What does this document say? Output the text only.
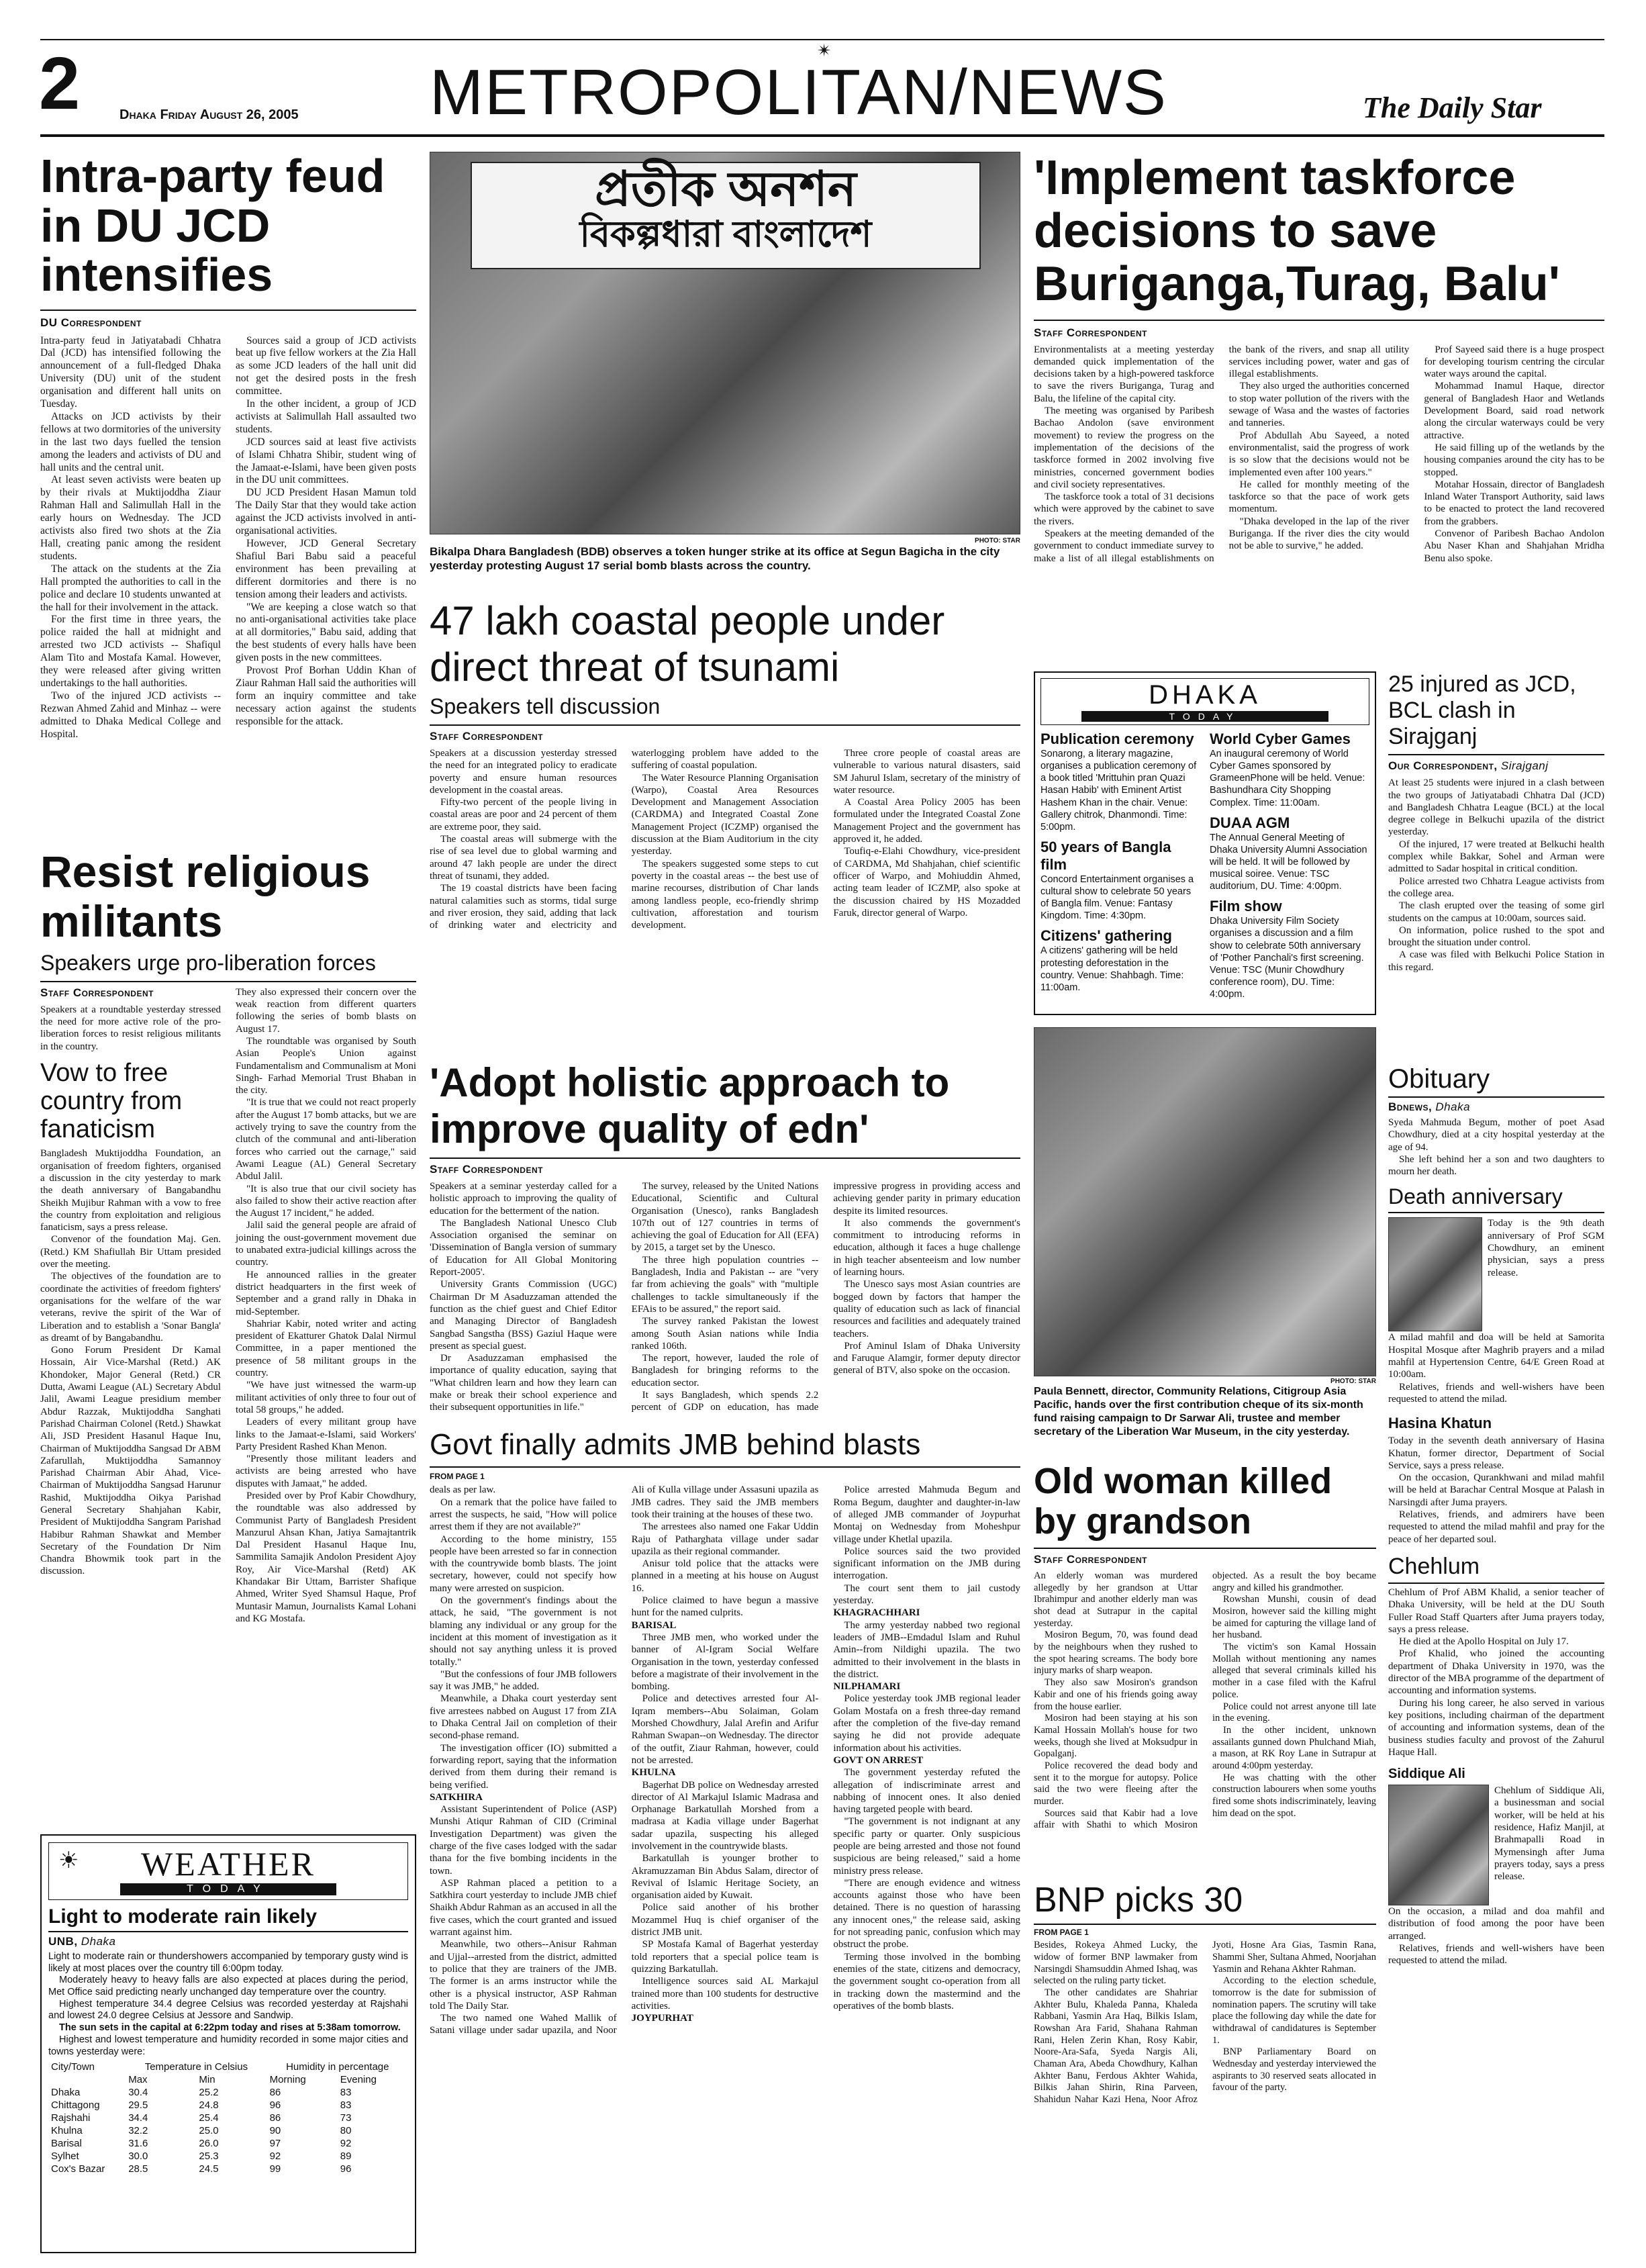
2	Dhaka Friday August 26, 2005 METROPOLITAN/NEWS
✴
The Daily Star
Intra-party feud in DU JCD intensifies
DU Correspondent

Intra-party feud in Jatiyatabadi Chhatra Dal (JCD) has intensified following the announcement of a full-fledged Dhaka University (DU) unit of the student organisation and different hall units on Tuesday.

Attacks on JCD activists by their fellows at two dormitories of the university in the last two days fuelled the tension among the leaders and activists of DU and hall units and the central unit.

At least seven activists were beaten up by their rivals at Muktijoddha Ziaur Rahman Hall and Salimullah Hall in the early hours on Wednesday. The JCD activists also fired two shots at the Zia Hall, creating panic among the resident students.

The attack on the students at the Zia Hall prompted the authorities to call in the police and declare 10 students unwanted at the hall for their involvement in the attack.

For the first time in three years, the police raided the hall at midnight and arrested two JCD activists -- Shafiqul Alam Tito and Mostafa Kamal. However, they were released after giving written undertakings to the hall authorities.

Two of the injured JCD activists -- Rezwan Ahmed Zahid and Minhaz -- were admitted to Dhaka Medical College and Hospital.

Sources said a group of JCD activists beat up five fellow workers at the Zia Hall as some JCD leaders of the hall unit did not get the desired posts in the fresh committee.

In the other incident, a group of JCD activists at Salimullah Hall assaulted two students.

JCD sources said at least five activists of Islami Chhatra Shibir, student wing of the Jamaat-e-Islami, have been given posts in the DU unit committees.

DU JCD President Hasan Mamun told The Daily Star that they would take action against the JCD activists involved in anti-organisational activities.

However, JCD General Secretary Shafiul Bari Babu said a peaceful environment has been prevailing at different dormitories and there is no tension among their leaders and activists.

"We are keeping a close watch so that no anti-organisational activities take place at all dormitories," Babu said, adding that the best students of every halls have been given posts in the new committees.

Provost Prof Borhan Uddin Khan of Ziaur Rahman Hall said the authorities will form an inquiry committee and take necessary action against the students responsible for the attack.

প্রতীক অনশন
বিকল্পধারা বাংলাদেশ
PHOTO: STAR
Bikalpa Dhara Bangladesh (BDB) observes a token hunger strike at its office at Segun Bagicha in the city yesterday protesting August 17 serial bomb blasts across the country.
'Implement taskforce decisions to save Buriganga,Turag, Balu'
Staff Correspondent

Environmentalists at a meeting yesterday demanded quick implementation of the decisions taken by a high-powered taskforce to save the rivers Buriganga, Turag and Balu, the lifeline of the capital city.

The meeting was organised by Paribesh Bachao Andolon (save environment movement) to review the progress on the implementation of the decisions of the taskforce formed in 2002 involving five ministries, concerned government bodies and civil society representatives.

The taskforce took a total of 31 decisions which were approved by the cabinet to save the rivers.

Speakers at the meeting demanded of the government to conduct immediate survey to make a list of all illegal establishments on the bank of the rivers, and snap all utility services including power, water and gas of illegal establishments.

They also urged the authorities concerned to stop water pollution of the rivers with the sewage of Wasa and the wastes of factories and tanneries.

Prof Abdullah Abu Sayeed, a noted environmentalist, said the progress of work is so slow that the decisions would not be implemented even after 100 years."

He called for monthly meeting of the taskforce so that the pace of work gets momentum.

"Dhaka developed in the lap of the river Buriganga. If the river dies the city would not be able to survive," he added.

Prof Sayeed said there is a huge prospect for developing tourism centring the circular water ways around the capital.

Mohammad Inamul Haque, director general of Bangladesh Haor and Wetlands Development Board, said road network along the circular waterways could be very attractive.

He said filling up of the wetlands by the housing companies around the city has to be stopped.

Motahar Hossain, director of Bangladesh Inland Water Transport Authority, said laws to be enacted to protect the land recovered from the grabbers.

Convenor of Paribesh Bachao Andolon Abu Naser Khan and Shahjahan Mridha Benu also spoke.

47 lakh coastal people under direct threat of tsunami
Speakers tell discussion
Staff Correspondent

Speakers at a discussion yesterday stressed the need for an integrated policy to eradicate poverty and ensure human resources development in the coastal areas.

Fifty-two percent of the people living in coastal areas are poor and 24 percent of them are extreme poor, they said.

The coastal areas will submerge with the rise of sea level due to global warming and around 47 lakh people are under the direct threat of tsunami, they added.

The 19 coastal districts have been facing natural calamities such as storms, tidal surge and river erosion, they said, adding that lack of drinking water and electricity and waterlogging problem have added to the suffering of coastal population.

The Water Resource Planning Organisation (Warpo), Coastal Area Resources Development and Management Association (CARDMA) and Integrated Coastal Zone Management Project (ICZMP) organised the discussion at the Biam Auditorium in the city yesterday.

The speakers suggested some steps to cut poverty in the coastal areas -- the best use of marine recourses, distribution of Char lands among landless people, eco-friendly shrimp cultivation, afforestation and tourism development.

Three crore people of coastal areas are vulnerable to various natural disasters, said SM Jahurul Islam, secretary of the ministry of water resource.

A Coastal Area Policy 2005 has been formulated under the Integrated Coastal Zone Management Project and the government has approved it, he added.

Toufiq-e-Elahi Chowdhury, vice-president of CARDMA, Md Shahjahan, chief scientific officer of Warpo, and Mohiuddin Ahmed, acting team leader of ICZMP, also spoke at the discussion chaired by HS Mozadded Faruk, director general of Warpo.

DHAKA
TODAY
Publication ceremony
Sonarong, a literary magazine, organises a publication ceremony of a book titled 'Mrittuhin pran Quazi Hasan Habib' with Eminent Artist Hashem Khan in the chair. Venue: Gallery chitrok, Dhanmondi. Time: 5:00pm.
50 years of Bangla film
Concord Entertainment organises a cultural show to celebrate 50 years of Bangla film. Venue: Fantasy Kingdom. Time: 4:30pm.
Citizens' gathering
A citizens' gathering will be held protesting deforestation in the country. Venue: Shahbagh. Time: 11:00am.
World Cyber Games
An inaugural ceremony of World Cyber Games sponsored by GrameenPhone will be held. Venue: Bashundhara City Shopping Complex. Time: 11:00am.
DUAA AGM
The Annual General Meeting of Dhaka University Alumni Association will be held. It will be followed by musical soiree. Venue: TSC auditorium, DU. Time: 4:00pm.
Film show
Dhaka University Film Society organises a discussion and a film show to celebrate 50th anniversary of 'Pother Panchali's first screening. Venue: TSC (Munir Chowdhury conference room), DU. Time: 4:00pm.
25 injured as JCD, BCL clash in Sirajganj
Our Correspondent, Sirajganj

At least 25 students were injured in a clash between the two groups of Jatiyatabadi Chhatra Dal (JCD) and Bangladesh Chhatra League (BCL) at the local degree college in Belkuchi upazila of the district yesterday.

Of the injured, 17 were treated at Belkuchi health complex while Bakkar, Sohel and Arman were admitted to Sadar hospital in critical condition.

Police arrested two Chhatra League activists from the college area.

The clash erupted over the teasing of some girl students on the campus at 10:00am, sources said.

On information, police rushed to the spot and brought the situation under control.

A case was filed with Belkuchi Police Station in this regard.

Resist religious militants
Speakers urge pro-liberation forces
Staff Correspondent

Speakers at a roundtable yesterday stressed the need for more active role of the pro-liberation forces to resist religious militants in the country.

Vow to free country from fanaticism

Bangladesh Muktijoddha Foundation, an organisation of freedom fighters, organised a discussion in the city yesterday to mark the death anniversary of Bangabandhu Sheikh Mujibur Rahman with a vow to free the country from exploitation and religious fanaticism, says a press release.

Convenor of the foundation Maj. Gen. (Retd.) KM Shafiullah Bir Uttam presided over the meeting.

The objectives of the foundation are to coordinate the activities of freedom fighters' organisations for the welfare of the war veterans, revive the spirit of the War of Liberation and to establish a 'Sonar Bangla' as dreamt of by Bangabandhu.

Gono Forum President Dr Kamal Hossain, Air Vice-Marshal (Retd.) AK Khondoker, Major General (Retd.) CR Dutta, Awami League (AL) Secretary Abdul Jalil, Awami League presidium member Abdur Razzak, Muktijoddha Sanghati Parishad Chairman Colonel (Retd.) Shawkat Ali, JSD President Hasanul Haque Inu, Chairman of Muktijoddha Sangsad Dr ABM Zafarullah, Muktijoddha Samannoy Parishad Chairman Abir Ahad, Vice-Chairman of Muktijoddha Sangsad Harunur Rashid, Muktijoddha Oikya Parishad General Secretary Shahjahan Kabir, President of Muktijoddha Sangram Parishad Habibur Rahman Shawkat and Member Secretary of the Foundation Dr Nim Chandra Bhowmik took part in the discussion.

They also expressed their concern over the weak reaction from different quarters following the series of bomb blasts on August 17.

The roundtable was organised by South Asian People's Union against Fundamentalism and Communalism at Moni Singh- Farhad Memorial Trust Bhaban in the city.

"It is true that we could not react properly after the August 17 bomb attacks, but we are actively trying to save the country from the clutch of the communal and anti-liberation forces who carried out the carnage," said Awami League (AL) General Secretary Abdul Jalil.

"It is also true that our civil society has also failed to show their active reaction after the August 17 incident," he added.

Jalil said the general people are afraid of joining the oust-government movement due to unabated extra-judicial killings across the country.

He announced rallies in the greater district headquarters in the first week of September and a grand rally in Dhaka in mid-September.

Shahriar Kabir, noted writer and acting president of Ekatturer Ghatok Dalal Nirmul Committee, in a paper mentioned the presence of 58 militant groups in the country.

"We have just witnessed the warm-up militant activities of only three to four out of total 58 groups," he added.

Leaders of every militant group have links to the Jamaat-e-Islami, said Workers' Party President Rashed Khan Menon.

"Presently those militant leaders and activists are being arrested who have disputes with Jamaat," he added.

Presided over by Prof Kabir Chowdhury, the roundtable was also addressed by Communist Party of Bangladesh President Manzurul Ahsan Khan, Jatiya Samajtantrik Dal President Hasanul Haque Inu, Sammilita Samajik Andolon President Ajoy Roy, Air Vice-Marshal (Retd) AK Khandakar Bir Uttam, Barrister Shafique Ahmed, Writer Syed Shamsul Haque, Prof Muntasir Mamun, Journalists Kamal Lohani and KG Mostafa.

'Adopt holistic approach to improve quality of edn'
Staff Correspondent

Speakers at a seminar yesterday called for a holistic approach to improving the quality of education for the betterment of the nation.

The Bangladesh National Unesco Club Association organised the seminar on 'Dissemination of Bangla version of summary of Education for All Global Monitoring Report-2005'.

University Grants Commission (UGC) Chairman Dr M Asaduzzaman attended the function as the chief guest and Chief Editor and Managing Director of Bangladesh Sangbad Sangstha (BSS) Gaziul Haque were present as special guest.

Dr Asaduzzaman emphasised the importance of quality education, saying that "What children learn and how they learn can make or break their school experience and their subsequent opportunities in life."

The survey, released by the United Nations Educational, Scientific and Cultural Organisation (Unesco), ranks Bangladesh 107th out of 127 countries in terms of achieving the goal of Education for All (EFA) by 2015, a target set by the Unesco.

The three high population countries -- Bangladesh, India and Pakistan -- are "very far from achieving the goals" with "multiple challenges to tackle simultaneously if the EFAis to be assured," the report said.

The survey ranked Pakistan the lowest among South Asian nations while India ranked 106th.

The report, however, lauded the role of Bangladesh for bringing reforms to the education sector.

It says Bangladesh, which spends 2.2 percent of GDP on education, has made impressive progress in providing access and achieving gender parity in primary education despite its limited resources.

It also commends the government's commitment to introducing reforms in education, although it faces a huge challenge in high teacher absenteeism and low number of learning hours.

The Unesco says most Asian countries are bogged down by factors that hamper the quality of education such as lack of financial resources and facilities and adequately trained teachers.

Prof Aminul Islam of Dhaka University and Faruque Alamgir, former deputy director general of BTV, also spoke on the occasion.

PHOTO: STAR
Paula Bennett, director, Community Relations, Citigroup Asia Pacific, hands over the first contribution cheque of its six-month fund raising campaign to Dr Sarwar Ali, trustee and member secretary of the Liberation War Museum, in the city yesterday.
Obituary
Bdnews, Dhaka

Syeda Mahmuda Begum, mother of poet Asad Chowdhury, died at a city hospital yesterday at the age of 94.

She left behind her a son and two daughters to mourn her death.

Death anniversary
Today is the 9th death anniversary of Prof SGM Chowdhury, an eminent physician, says a press release.

A milad mahfil and doa will be held at Samorita Hospital Mosque after Maghrib prayers and a milad mahfil at Hypertension Centre, 64/E Green Road at 10:00am.

Relatives, friends and well-wishers have been requested to attend the milad.

Hasina Khatun

Today in the seventh death anniversary of Hasina Khatun, former director, Department of Social Service, says a press release.

On the occasion, Qurankhwani and milad mahfil will be held at Barachar Central Mosque at Palash in Narsingdi after Juma prayers.

Relatives, friends, and admirers have been requested to attend the milad mahfil and pray for the peace of her departed soul.

Chehlum

Chehlum of Prof ABM Khalid, a senior teacher of Dhaka University, will be held at the DU South Fuller Road Staff Quarters after Juma prayers today, says a press release.

He died at the Apollo Hospital on July 17.

Prof Khalid, who joined the accounting department of Dhaka University in 1970, was the director of the MBA programme of the department of accounting and information systems.

During his long career, he also served in various key positions, including chairman of the department of accounting and information systems, dean of the business studies faculty and provost of the Zahurul Haque Hall.

Siddique Ali
Chehlum of Siddique Ali, a businessman and social worker, will be held at his residence, Hafiz Manjil, at Brahmapalli Road in Mymensingh after Juma prayers today, says a press release.

On the occasion, a milad and doa mahfil and distribution of food among the poor have been arranged.

Relatives, friends and well-wishers have been requested to attend the milad.

☀	WEATHER
TODAY
Light to moderate rain likely
UNB, Dhaka

Light to moderate rain or thundershowers accompanied by temporary gusty wind is likely at most places over the country till 6:00pm today.

Moderately heavy to heavy falls are also expected at places during the period, Met Office said predicting nearly unchanged day temperature over the country.

Highest temperature 34.4 degree Celsius was recorded yesterday at Rajshahi and lowest 24.0 degree Celsius at Jessore and Sandwip.

The sun sets in the capital at 6:22pm today and rises at 5:38am tomorrow.

Highest and lowest temperature and humidity recorded in some major cities and towns yesterday were:

City/Town	Temperature in Celsius		Humidity in percentage	
	Max	Min	Morning	Evening
Dhaka	30.4	25.2	86	83
Chittagong	29.5	24.8	96	83
Rajshahi	34.4	25.4	86	73
Khulna	32.2	25.0	90	80
Barisal	31.6	26.0	97	92
Sylhet	30.0	25.3	92	89
Cox's Bazar	28.5	24.5	99	96
Govt finally admits JMB behind blasts
FROM PAGE 1

deals as per law.

On a remark that the police have failed to arrest the suspects, he said, "How will police arrest them if they are not available?"

According to the home ministry, 155 people have been arrested so far in connection with the countrywide bomb blasts. The joint secretary, however, could not specify how many were arrested on suspicion.

On the government's findings about the attack, he said, "The government is not blaming any individual or any group for the incident at this moment of investigation as it should not say anything unless it is proved totally."

"But the confessions of four JMB followers say it was JMB," he added.

Meanwhile, a Dhaka court yesterday sent five arrestees nabbed on August 17 from ZIA to Dhaka Central Jail on completion of their second-phase remand.

The investigation officer (IO) submitted a forwarding report, saying that the information derived from them during their remand is being verified.

SATKHIRA

Assistant Superintendent of Police (ASP) Munshi Atiqur Rahman of CID (Criminal Investigation Department) was given the charge of the five cases lodged with the sadar thana for the five bombing incidents in the town.

ASP Rahman placed a petition to a Satkhira court yesterday to include JMB chief Shaikh Abdur Rahman as an accused in all the five cases, which the court granted and issued warrant against him.

Meanwhile, two others--Anisur Rahman and Ujjal--arrested from the district, admitted to police that they are trainers of the JMB. The former is an arms instructor while the other is a physical instructor, ASP Rahman told The Daily Star.

The two named one Wahed Mallik of Satani village under sadar upazila, and Noor Ali of Kulla village under Assasuni upazila as JMB cadres. They said the JMB members took their training at the houses of these two.

The arrestees also named one Fakar Uddin Raju of Patharghata village under sadar upazila as their regional commander.

Anisur told police that the attacks were planned in a meeting at his house on August 16.

Police claimed to have begun a massive hunt for the named culprits.

BARISAL

Three JMB men, who worked under the banner of Al-Igram Social Welfare Organisation in the town, yesterday confessed before a magistrate of their involvement in the bombing.

Police and detectives arrested four Al-Iqram members--Abu Solaiman, Golam Morshed Chowdhury, Jalal Arefin and Arifur Rahman Swapan--on Wednesday. The director of the outfit, Ziaur Rahman, however, could not be arrested.

KHULNA

Bagerhat DB police on Wednesday arrested director of Al Markajul Islamic Madrasa and Orphanage Barkatullah Morshed from a madrasa at Kadia village under Bagerhat sadar upazila, suspecting his alleged involvement in the countrywide blasts.

Barkatullah is younger brother to Akramuzzaman Bin Abdus Salam, director of Revival of Islamic Heritage Society, an organisation aided by Kuwait.

Police said another of his brother Mozammel Huq is chief organiser of the district JMB unit.

SP Mostafa Kamal of Bagerhat yesterday told reporters that a special police team is quizzing Barkatullah.

Intelligence sources said AL Markajul trained more than 100 students for destructive activities.

JOYPURHAT

Police arrested Mahmuda Begum and Roma Begum, daughter and daughter-in-law of alleged JMB commander of Joypurhat Montaj on Wednesday from Moheshpur village under Khetlal upazila.

Police sources said the two provided significant information on the JMB during interrogation.

The court sent them to jail custody yesterday.

KHAGRACHHARI

The army yesterday nabbed two regional leaders of JMB--Emdadul Islam and Ruhul Amin--from Nildighi upazila. The two admitted to their involvement in the blasts in the district.

NILPHAMARI

Police yesterday took JMB regional leader Golam Mostafa on a fresh three-day remand after the completion of the five-day remand saying he did not provide adequate information about his activities.

GOVT ON ARREST

The government yesterday refuted the allegation of indiscriminate arrest and nabbing of innocent ones. It also denied having targeted people with beard.

"The government is not indignant at any specific party or quarter. Only suspicious people are being arrested and those not found suspicious are being released," said a home ministry press release.

"There are enough evidence and witness accounts against those who have been detained. There is no question of harassing any innocent ones," the release said, asking for not spreading panic, confusion which may obstruct the probe.

Terming those involved in the bombing enemies of the state, citizens and democracy, the government sought co-operation from all in tracking down the mastermind and the operatives of the bomb blasts.

Old woman killed by grandson
Staff Correspondent

An elderly woman was murdered allegedly by her grandson at Uttar Ibrahimpur and another elderly man was shot dead at Sutrapur in the capital yesterday.

Mosiron Begum, 70, was found dead by the neighbours when they rushed to the spot hearing screams. The body bore injury marks of sharp weapon.

They also saw Mosiron's grandson Kabir and one of his friends going away from the house earlier.

Mosiron had been staying at his son Kamal Hossain Mollah's house for two weeks, though she lived at Moksudpur in Gopalganj.

Police recovered the dead body and sent it to the morgue for autopsy. Police said the two were fleeing after the murder.

Sources said that Kabir had a love affair with Shathi to which Mosiron objected. As a result the boy became angry and killed his grandmother.

Rowshan Munshi, cousin of dead Mosiron, however said the killing might be aimed for capturing the village land of her husband.

The victim's son Kamal Hossain Mollah without mentioning any names alleged that several criminals killed his mother in a case filed with the Kafrul police.

Police could not arrest anyone till late in the evening.

In the other incident, unknown assailants gunned down Phulchand Miah, a mason, at RK Roy Lane in Sutrapur at around 4:00pm yesterday.

He was chatting with the other construction labourers when some youths fired some shots indiscriminately, leaving him dead on the spot.

BNP picks 30
FROM PAGE 1

Besides, Rokeya Ahmed Lucky, the widow of former BNP lawmaker from Narsingdi Shamsuddin Ahmed Ishaq, was selected on the ruling party ticket.

The other candidates are Shahriar Akhter Bulu, Khaleda Panna, Khaleda Rabbani, Yasmin Ara Haq, Bilkis Islam, Rowshan Ara Farid, Shahana Rahman Rani, Helen Zerin Khan, Rosy Kabir, Noore-Ara-Safa, Syeda Nargis Ali, Chaman Ara, Abeda Chowdhury, Kalhan Akhter Banu, Ferdous Akhter Wahida, Bilkis Jahan Shirin, Rina Parveen, Shahidun Nahar Kazi Hena, Noor Afroz Jyoti, Hosne Ara Gias, Tasmin Rana, Shammi Sher, Sultana Ahmed, Noorjahan Yasmin and Rehana Akhter Rahman.

According to the election schedule, tomorrow is the date for submission of nomination papers. The scrutiny will take place the following day while the date for withdrawal of candidatures is September 1.

BNP Parliamentary Board on Wednesday and yesterday interviewed the aspirants to 30 reserved seats allocated in favour of the party.
